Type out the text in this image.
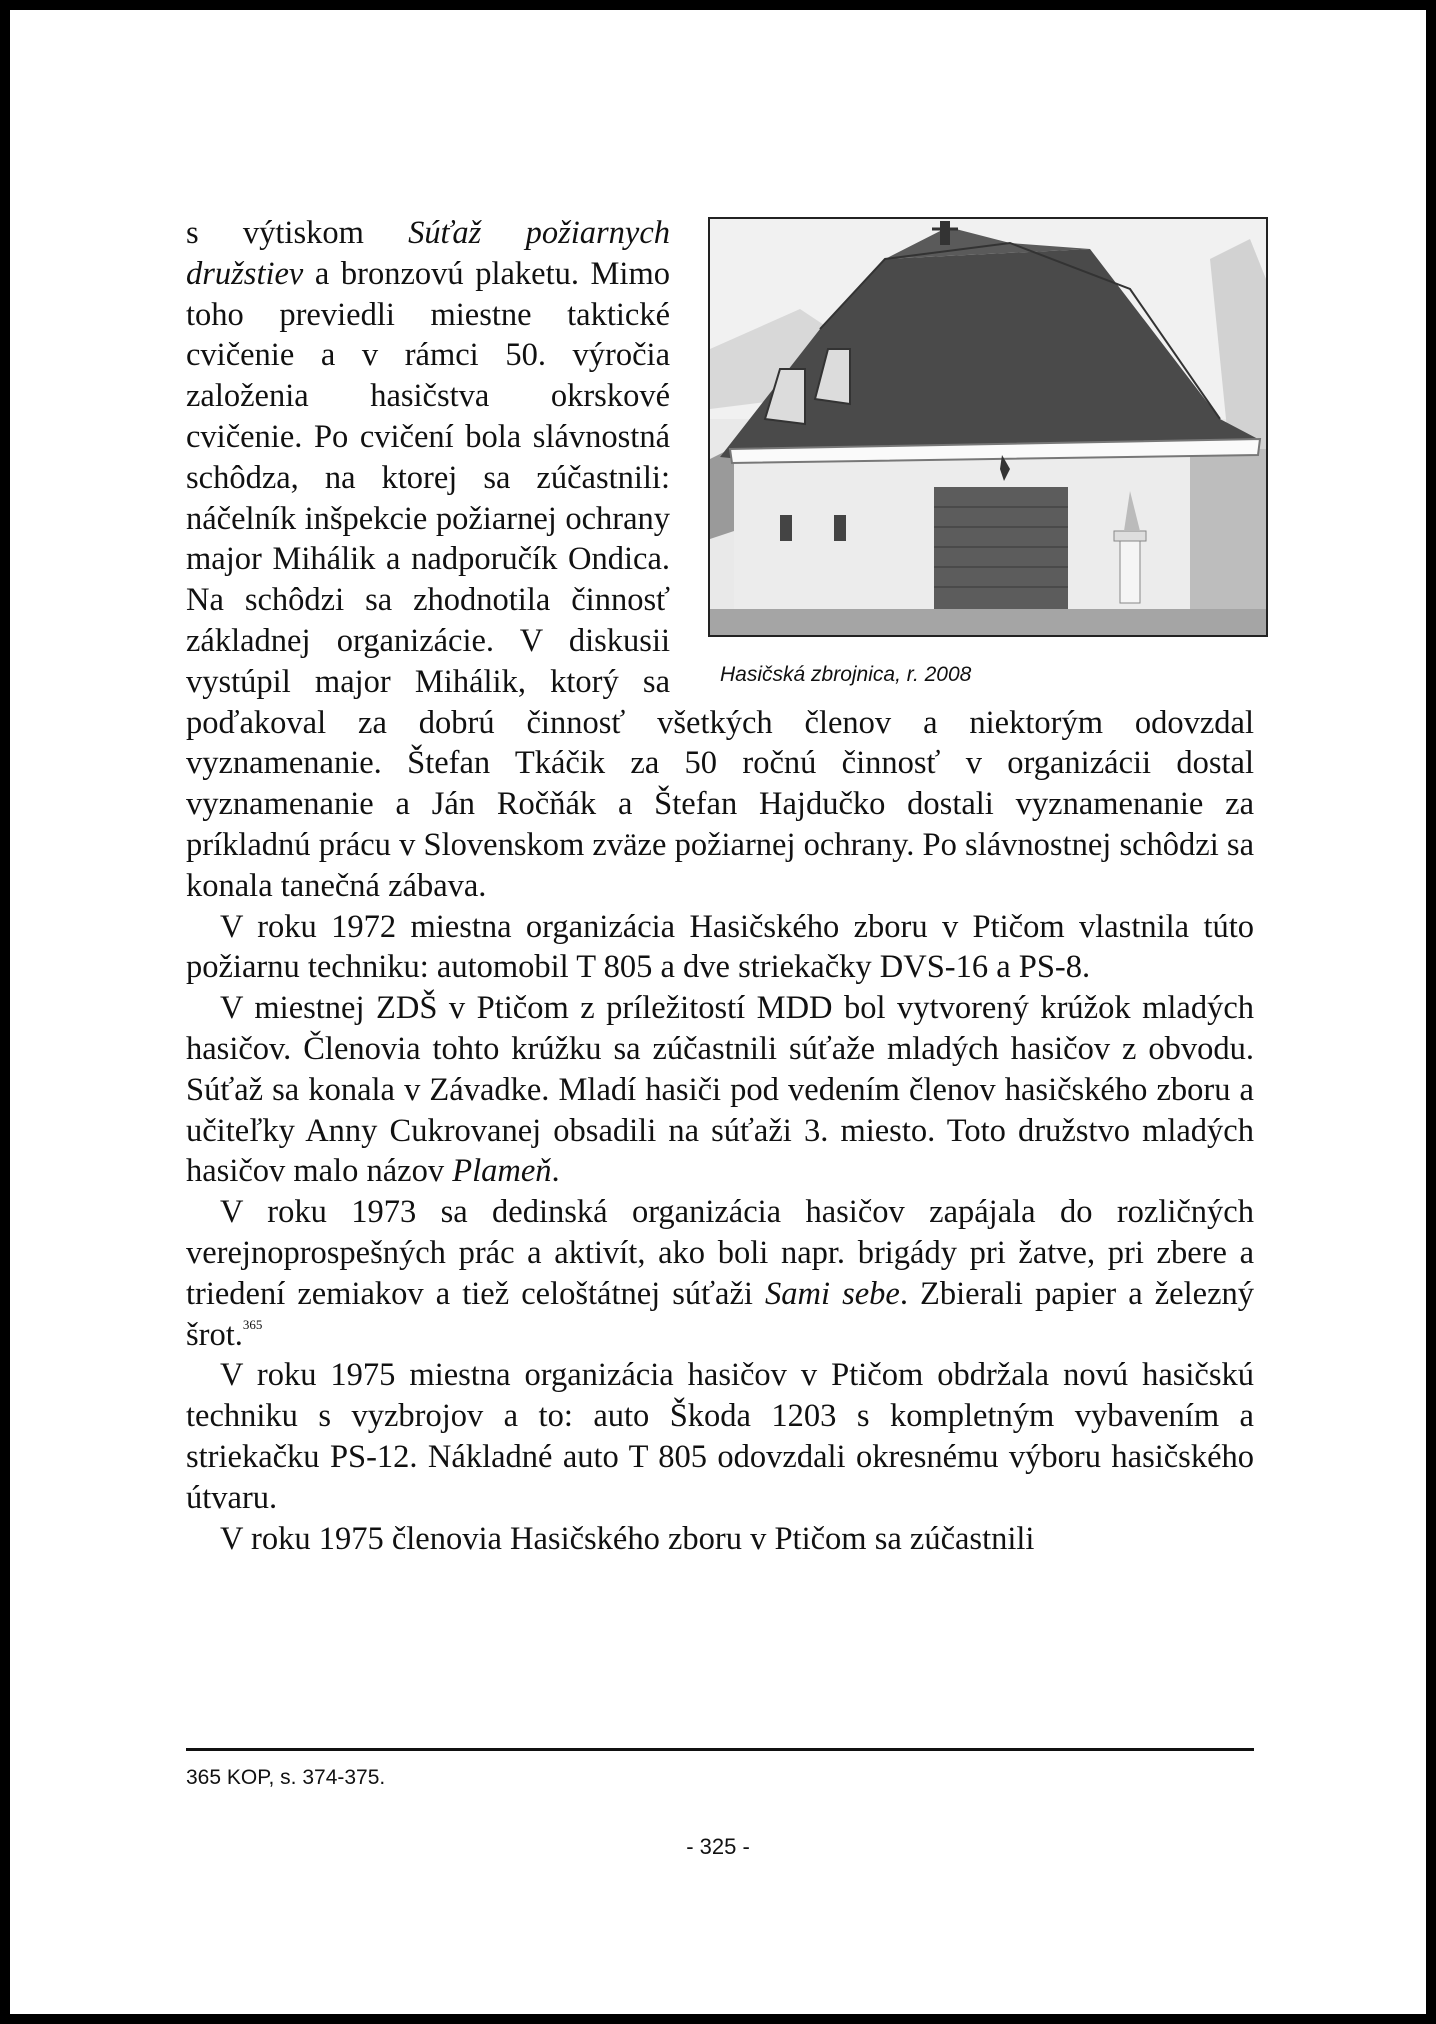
Hasičská zbrojnica, r. 2008

s výtiskom Súťaž požiarnych družstiev a bronzovú plaketu. Mimo toho previedli miestne taktické cvičenie a v rámci 50. výročia založenia hasičstva okrskové cvičenie. Po cvičení bola slávnostná schôdza, na ktorej sa zúčastnili: náčelník inšpekcie požiarnej ochrany major Mihálik a nadporučík Ondica. Na schôdzi sa zhodnotila činnosť základnej organizácie. V diskusii vystúpil major Mihálik, ktorý sa poďakoval za dobrú činnosť všetkých členov a niektorým odovzdal vyznamenanie. Štefan Tkáčik za 50 ročnú činnosť v organizácii dostal vyznamenanie a Ján Ročňák a Štefan Hajdučko dostali vyznamenanie za príkladnú prácu v Slovenskom zväze požiarnej ochrany. Po slávnostnej schôdzi sa konala tanečná zábava.

V roku 1972 miestna organizácia Hasičského zboru v Ptičom vlastnila túto požiarnu techniku: automobil T 805 a dve striekačky DVS-16 a PS-8.

V miestnej ZDŠ v Ptičom z príležitostí MDD bol vytvorený krúžok mladých hasičov. Členovia tohto krúžku sa zúčastnili súťaže mladých hasičov z obvodu. Súťaž sa konala v Závadke. Mladí hasiči pod vedením členov hasičského zboru a učiteľky Anny Cukrovanej obsadili na súťaži 3. miesto. Toto družstvo mladých hasičov malo názov Plameň.

V roku 1973 sa dedinská organizácia hasičov zapájala do rozličných verejnoprospešných prác a aktivít, ako boli napr. brigády pri žatve, pri zbere a triedení zemiakov a tiež celoštátnej súťaži Sami sebe. Zbierali papier a železný šrot.$^{365}$

V roku 1975 miestna organizácia hasičov v Ptičom obdržala novú hasičskú techniku s vyzbrojov a to: auto Škoda 1203 s kompletným vybavením a striekačku PS-12. Nákladné auto T 805 odovzdali okresnému výboru hasičského útvaru.

V roku 1975 členovia Hasičského zboru v Ptičom sa zúčastnili

365 KOP, s. 374-375.
- 325 -
